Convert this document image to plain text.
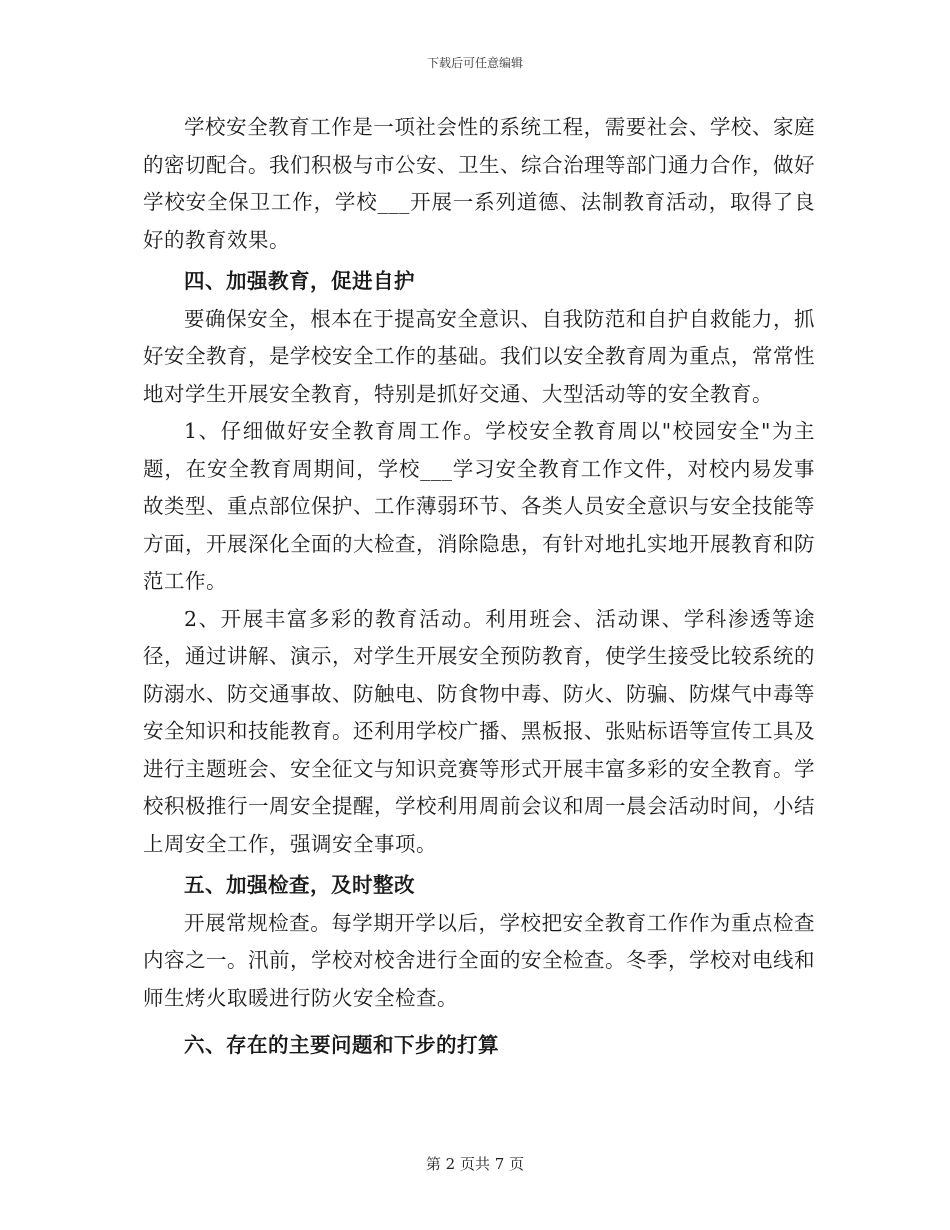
下载后可任意编辑

学校安全教育工作是一项社会性的系统工程，需要社会、学校、家庭的密切配合。我们积极与市公安、卫生、综合治理等部门通力合作，做好学校安全保卫工作，学校___开展一系列道德、法制教育活动，取得了良好的教育效果。

四、加强教育，促进自护

要确保安全，根本在于提高安全意识、自我防范和自护自救能力，抓好安全教育，是学校安全工作的基础。我们以安全教育周为重点，常常性地对学生开展安全教育，特别是抓好交通、大型活动等的安全教育。

1、仔细做好安全教育周工作。学校安全教育周以"校园安全"为主题，在安全教育周期间，学校___学习安全教育工作文件，对校内易发事故类型、重点部位保护、工作薄弱环节、各类人员安全意识与安全技能等方面，开展深化全面的大检查，消除隐患，有针对地扎实地开展教育和防范工作。

2、开展丰富多彩的教育活动。利用班会、活动课、学科渗透等途径，通过讲解、演示，对学生开展安全预防教育，使学生接受比较系统的防溺水、防交通事故、防触电、防食物中毒、防火、防骗、防煤气中毒等安全知识和技能教育。还利用学校广播、黑板报、张贴标语等宣传工具及进行主题班会、安全征文与知识竞赛等形式开展丰富多彩的安全教育。学校积极推行一周安全提醒，学校利用周前会议和周一晨会活动时间，小结上周安全工作，强调安全事项。

五、加强检查，及时整改

开展常规检查。每学期开学以后，学校把安全教育工作作为重点检查内容之一。汛前，学校对校舍进行全面的安全检查。冬季，学校对电线和师生烤火取暖进行防火安全检查。

六、存在的主要问题和下步的打算

第 2 页共 7 页
